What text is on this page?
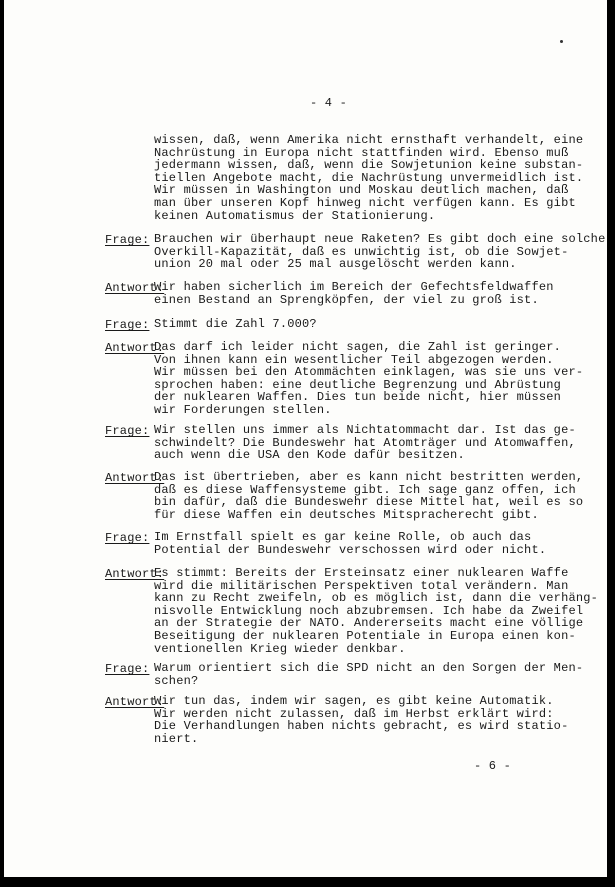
- 4 -
wissen, daß, wenn Amerika nicht ernsthaft verhandelt, eine
Nachrüstung in Europa nicht stattfinden wird. Ebenso muß
jedermann wissen, daß, wenn die Sowjetunion keine substan-
tiellen Angebote macht, die Nachrüstung unvermeidlich ist.
Wir müssen in Washington und Moskau deutlich machen, daß
man über unseren Kopf hinweg nicht verfügen kann. Es gibt
keinen Automatismus der Stationierung.
Frage: Brauchen wir überhaupt neue Raketen? Es gibt doch eine solche
Overkill-Kapazität, daß es unwichtig ist, ob die Sowjet-
union 20 mal oder 25 mal ausgelöscht werden kann.
Antwort:
Wir haben sicherlich im Bereich der Gefechtsfeldwaffen
einen Bestand an Sprengköpfen, der viel zu groß ist.
Frage: Stimmt die Zahl 7.000?
Antwort:
Das darf ich leider nicht sagen, die Zahl ist geringer.
Von ihnen kann ein wesentlicher Teil abgezogen werden.
Wir müssen bei den Atommächten einklagen, was sie uns ver-
sprochen haben: eine deutliche Begrenzung und Abrüstung
der nuklearen Waffen. Dies tun beide nicht, hier müssen
wir Forderungen stellen.
Frage: Wir stellen uns immer als Nichtatommacht dar. Ist das ge-
schwindelt? Die Bundeswehr hat Atomträger und Atomwaffen,
auch wenn die USA den Kode dafür besitzen.
Antwort:
Das ist übertrieben, aber es kann nicht bestritten werden,
daß es diese Waffensysteme gibt. Ich sage ganz offen, ich
bin dafür, daß die Bundeswehr diese Mittel hat, weil es so
für diese Waffen ein deutsches Mitspracherecht gibt.
Frage: Im Ernstfall spielt es gar keine Rolle, ob auch das
Potential der Bundeswehr verschossen wird oder nicht.
Antwort:
Es stimmt: Bereits der Ersteinsatz einer nuklearen Waffe
wird die militärischen Perspektiven total verändern. Man
kann zu Recht zweifeln, ob es möglich ist, dann die verhäng-
nisvolle Entwicklung noch abzubremsen. Ich habe da Zweifel
an der Strategie der NATO. Andererseits macht eine völlige
Beseitigung der nuklearen Potentiale in Europa einen kon-
ventionellen Krieg wieder denkbar.
Frage: Warum orientiert sich die SPD nicht an den Sorgen der Men-
schen?
Antwort:
Wir tun das, indem wir sagen, es gibt keine Automatik.
Wir werden nicht zulassen, daß im Herbst erklärt wird:
Die Verhandlungen haben nichts gebracht, es wird statio-
niert.
- 6 -
